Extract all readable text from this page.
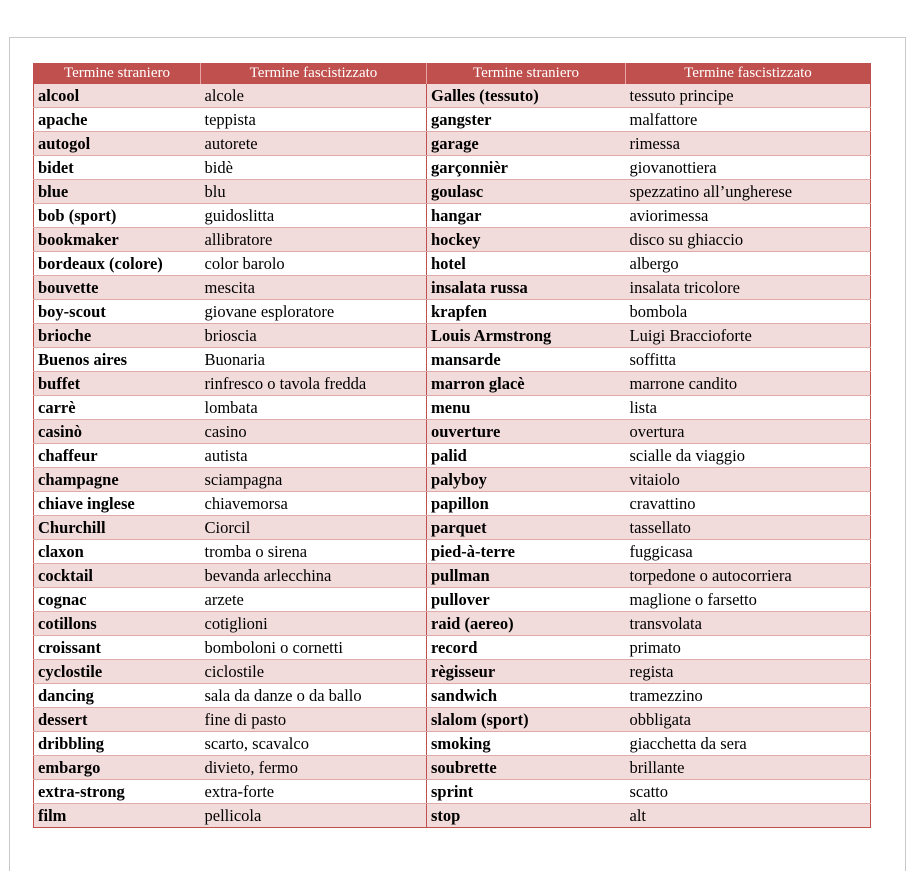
Termine straniero	Termine fascistizzato	Termine straniero	Termine fascistizzato
alcool	alcole	Galles (tessuto)	tessuto principe
apache	teppista	gangster	malfattore
autogol	autorete	garage	rimessa
bidet	bidè	garçonnièr	giovanottiera
blue	blu	goulasc	spezzatino all’ungherese
bob (sport)	guidoslitta	hangar	aviorimessa
bookmaker	allibratore	hockey	disco su ghiaccio
bordeaux (colore)	color barolo	hotel	albergo
bouvette	mescita	insalata russa	insalata tricolore
boy-scout	giovane esploratore	krapfen	bombola
brioche	brioscia	Louis Armstrong	Luigi Braccioforte
Buenos aires	Buonaria	mansarde	soffitta
buffet	rinfresco o tavola fredda	marron glacè	marrone candito
carrè	lombata	menu	lista
casinò	casino	ouverture	overtura
chaffeur	autista	palid	scialle da viaggio
champagne	sciampagna	palyboy	vitaiolo
chiave inglese	chiavemorsa	papillon	cravattino
Churchill	Ciorcil	parquet	tassellato
claxon	tromba o sirena	pied-à-terre	fuggicasa
cocktail	bevanda arlecchina	pullman	torpedone o autocorriera
cognac	arzete	pullover	maglione o farsetto
cotillons	cotiglioni	raid (aereo)	transvolata
croissant	bomboloni o cornetti	record	primato
cyclostile	ciclostile	règisseur	regista
dancing	sala da danze o da ballo	sandwich	tramezzino
dessert	fine di pasto	slalom (sport)	obbligata
dribbling	scarto, scavalco	smoking	giacchetta da sera
embargo	divieto, fermo	soubrette	brillante
extra-strong	extra-forte	sprint	scatto
film	pellicola	stop	alt
